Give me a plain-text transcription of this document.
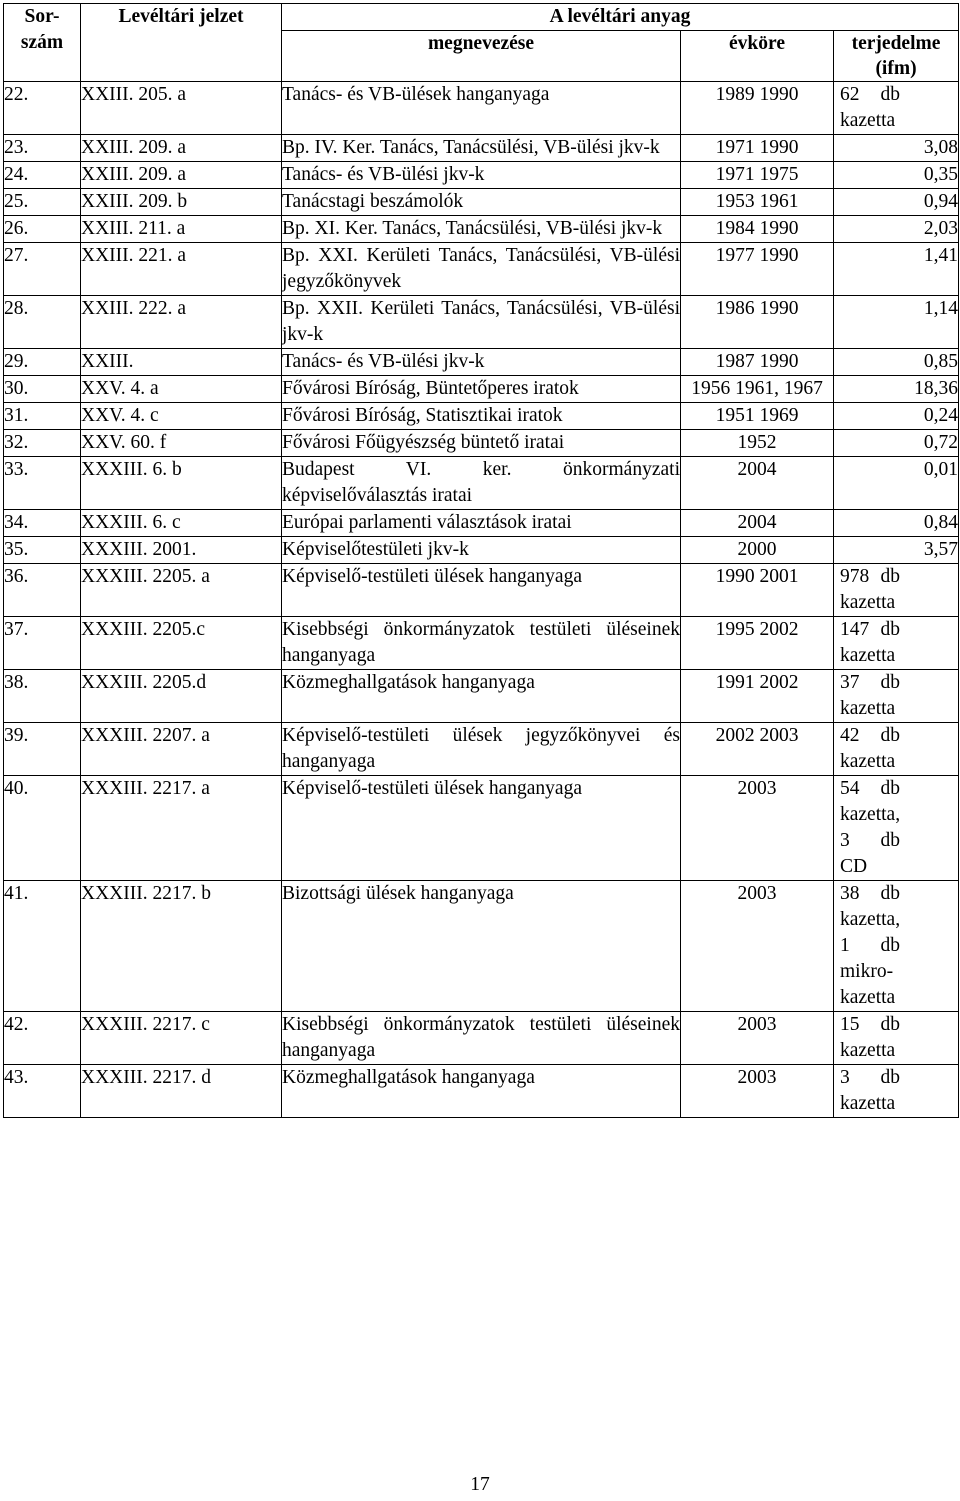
Sor- szám	Levéltári jelzet	A levéltári anyag		
		megnevezése	évköre	terjedelme (ifm)
22.	XXIII. 205. a	Tanács- és VB-ülések hanganyaga	1989 1990	62 db kazetta
23.	XXIII. 209. a	Bp. IV. Ker. Tanács, Tanácsülési, VB-ülési jkv-k	1971 1990	3,08
24.	XXIII. 209. a	Tanács- és VB-ülési jkv-k	1971 1975	0,35
25.	XXIII. 209. b	Tanácstagi beszámolók	1953 1961	0,94
26.	XXIII. 211. a	Bp. XI. Ker. Tanács, Tanácsülési, VB-ülési jkv-k	1984 1990	2,03
27.	XXIII. 221. a	Bp. XXI. Kerületi Tanács, Tanácsülési, VB-ülési jegyzőkönyvek	1977 1990	1,41
28.	XXIII. 222. a	Bp. XXII. Kerületi Tanács, Tanácsülési, VB-ülési jkv-k	1986 1990	1,14
29.	XXIII.	Tanács- és VB-ülési jkv-k	1987 1990	0,85
30.	XXV. 4. a	Fővárosi Bíróság, Büntetőperes iratok	1956 1961, 1967	18,36
31.	XXV. 4. c	Fővárosi Bíróság, Statisztikai iratok	1951 1969	0,24
32.	XXV. 60. f	Fővárosi Főügyészség büntető iratai	1952	0,72
33.	XXXIII. 6. b	Budapest VI. ker. önkormányzati képviselőválasztás iratai	2004	0,01
34.	XXXIII. 6. c	Európai parlamenti választások iratai	2004	0,84
35.	XXXIII. 2001.	Képviselőtestületi jkv-k	2000	3,57
36.	XXXIII. 2205. a	Képviselő-testületi ülések hanganyaga	1990 2001	978 db kazetta
37.	XXXIII. 2205.c	Kisebbségi önkormányzatok testületi üléseinek hanganyaga	1995 2002	147 db kazetta
38.	XXXIII. 2205.d	Közmeghallgatások hanganyaga	1991 2002	37 db kazetta
39.	XXXIII. 2207. a	Képviselő-testületi ülések jegyzőkönyvei és hanganyaga	2002 2003	42 db kazetta
40.	XXXIII. 2217. a	Képviselő-testületi ülések hanganyaga	2003	54 db kazetta, 3 db CD
41.	XXXIII. 2217. b	Bizottsági ülések hanganyaga	2003	38 db kazetta, 1 db mikro-kazetta
42.	XXXIII. 2217. c	Kisebbségi önkormányzatok testületi üléseinek hanganyaga	2003	15 db kazetta
43.	XXXIII. 2217. d	Közmeghallgatások hanganyaga	2003	3 db kazetta
17
